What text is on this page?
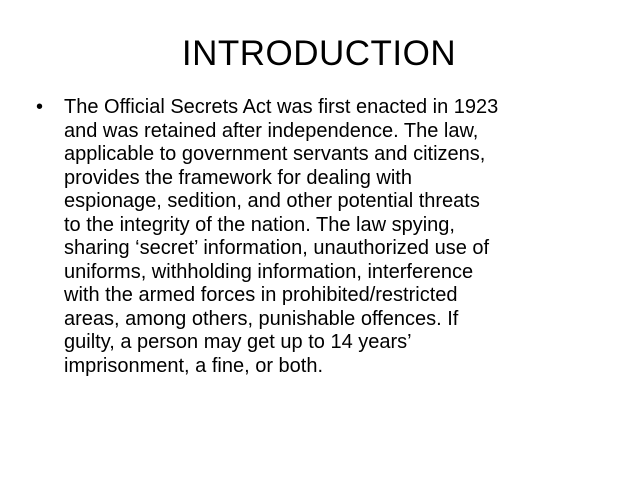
INTRODUCTION
• The Official Secrets Act was first enacted in 1923
and was retained after independence. The law,
applicable to government servants and citizens,
provides the framework for dealing with
espionage, sedition, and other potential threats
to the integrity of the nation. The law spying,
sharing ‘secret’ information, unauthorized use of
uniforms, withholding information, interference
with the armed forces in prohibited/restricted
areas, among others, punishable offences. If
guilty, a person may get up to 14 years’
imprisonment, a fine, or both.
